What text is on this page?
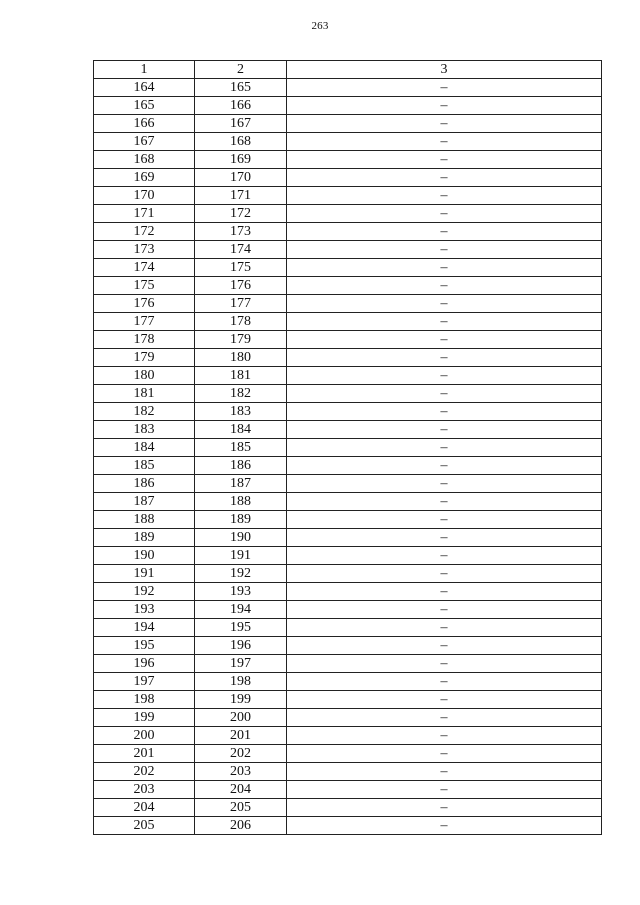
263
1	2	3
164	165	–
165	166	–
166	167	–
167	168	–
168	169	–
169	170	–
170	171	–
171	172	–
172	173	–
173	174	–
174	175	–
175	176	–
176	177	–
177	178	–
178	179	–
179	180	–
180	181	–
181	182	–
182	183	–
183	184	–
184	185	–
185	186	–
186	187	–
187	188	–
188	189	–
189	190	–
190	191	–
191	192	–
192	193	–
193	194	–
194	195	–
195	196	–
196	197	–
197	198	–
198	199	–
199	200	–
200	201	–
201	202	–
202	203	–
203	204	–
204	205	–
205	206	–
